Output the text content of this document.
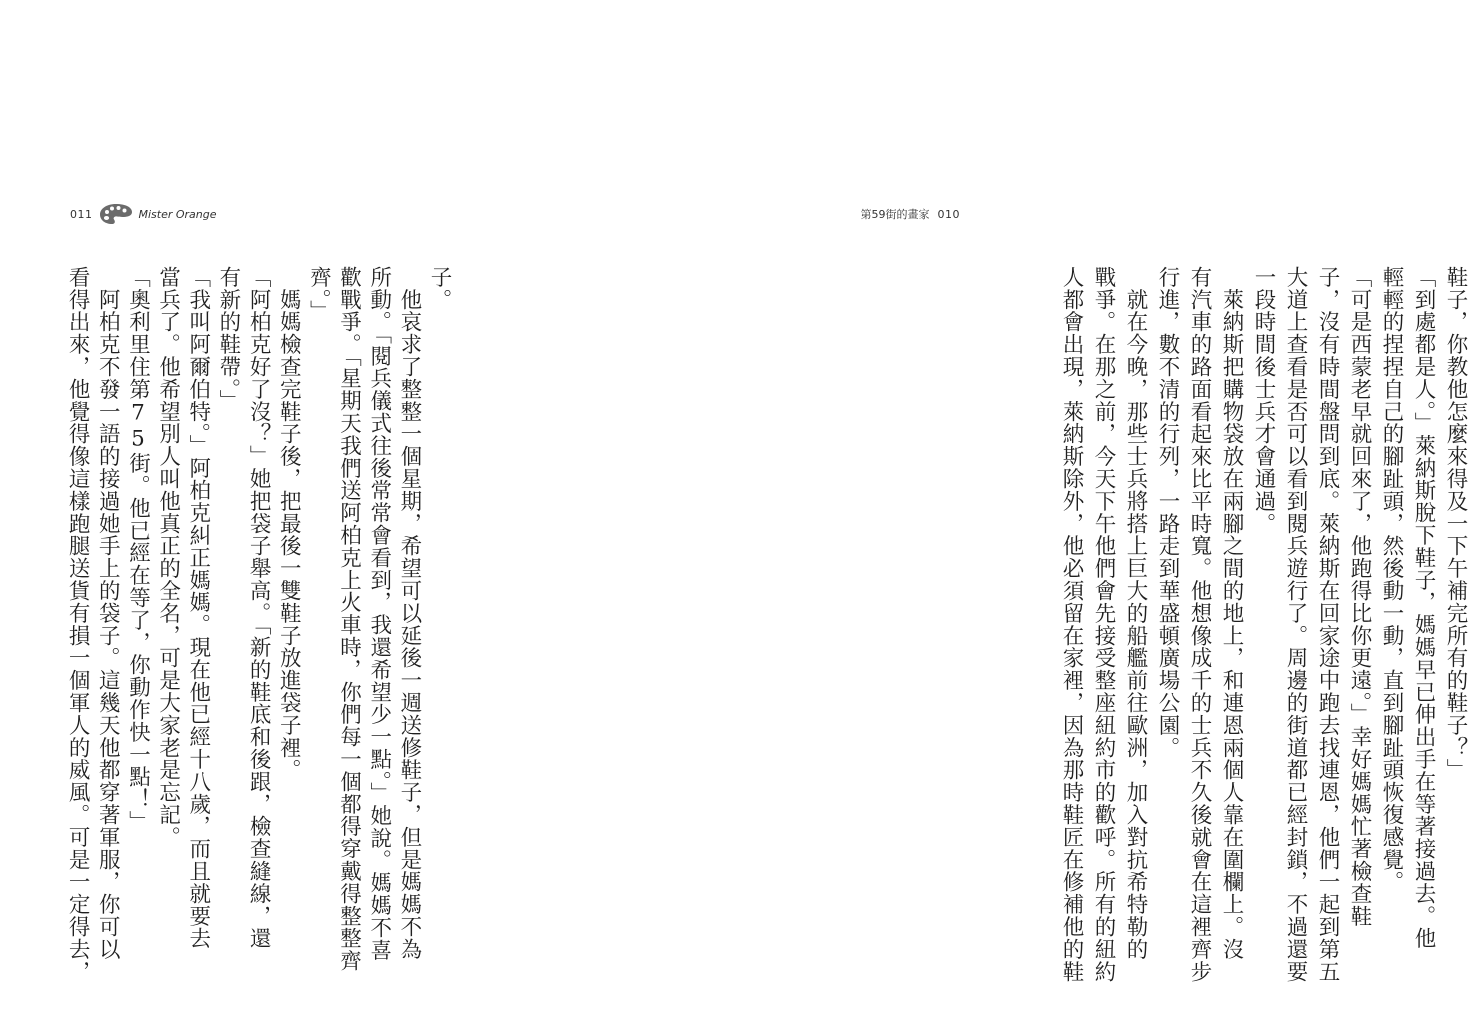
011	Mister Orange
子。
　他哀求了整整一個星期，希望可以延後一週送修鞋子，但是媽媽不為
所動。「閱兵儀式往後常常會看到，我還希望少一點。」她說。媽媽不喜
歡戰爭。「星期天我們送阿柏克上火車時，你們每一個都得穿戴得整整齊
齊。」
　媽媽檢查完鞋子後，把最後一雙鞋子放進袋子裡。
「阿柏克好了沒？」她把袋子舉高。「新的鞋底和後跟，檢查縫線，還
有新的鞋帶。」
「我叫阿爾伯特。」阿柏克糾正媽媽。現在他已經十八歲，而且就要去
當兵了。他希望別人叫他真正的全名，可是大家老是忘記。
「奧利里住第75街。他已經在等了，你動作快一點！」
　阿柏克不發一語的接過她手上的袋子。這幾天他都穿著軍服，你可以
看得出來，他覺得像這樣跑腿送貨有損一個軍人的威風。可是一定得去，
第59街的畫家 010
鞋子，你教他怎麼來得及一下午補完所有的鞋子？」
「到處都是人。」萊納斯脫下鞋子，媽媽早已伸出手在等著接過去。他
輕輕的捏捏自己的腳趾頭，然後動一動，直到腳趾頭恢復感覺。
「可是西蒙老早就回來了，他跑得比你更遠。」幸好媽媽忙著檢查鞋
子，沒有時間盤問到底。萊納斯在回家途中跑去找連恩，他們一起到第五
大道上查看是否可以看到閱兵遊行了。周邊的街道都已經封鎖，不過還要
一段時間後士兵才會通過。
　萊納斯把購物袋放在兩腳之間的地上，和連恩兩個人靠在圍欄上。沒
有汽車的路面看起來比平時寬。他想像成千的士兵不久後就會在這裡齊步
行進，數不清的行列，一路走到華盛頓廣場公園。
　就在今晚，那些士兵將搭上巨大的船艦前往歐洲，加入對抗希特勒的
戰爭。在那之前，今天下午他們會先接受整座紐約市的歡呼。所有的紐約
人都會出現，萊納斯除外，他必須留在家裡，因為那時鞋匠在修補他的鞋
